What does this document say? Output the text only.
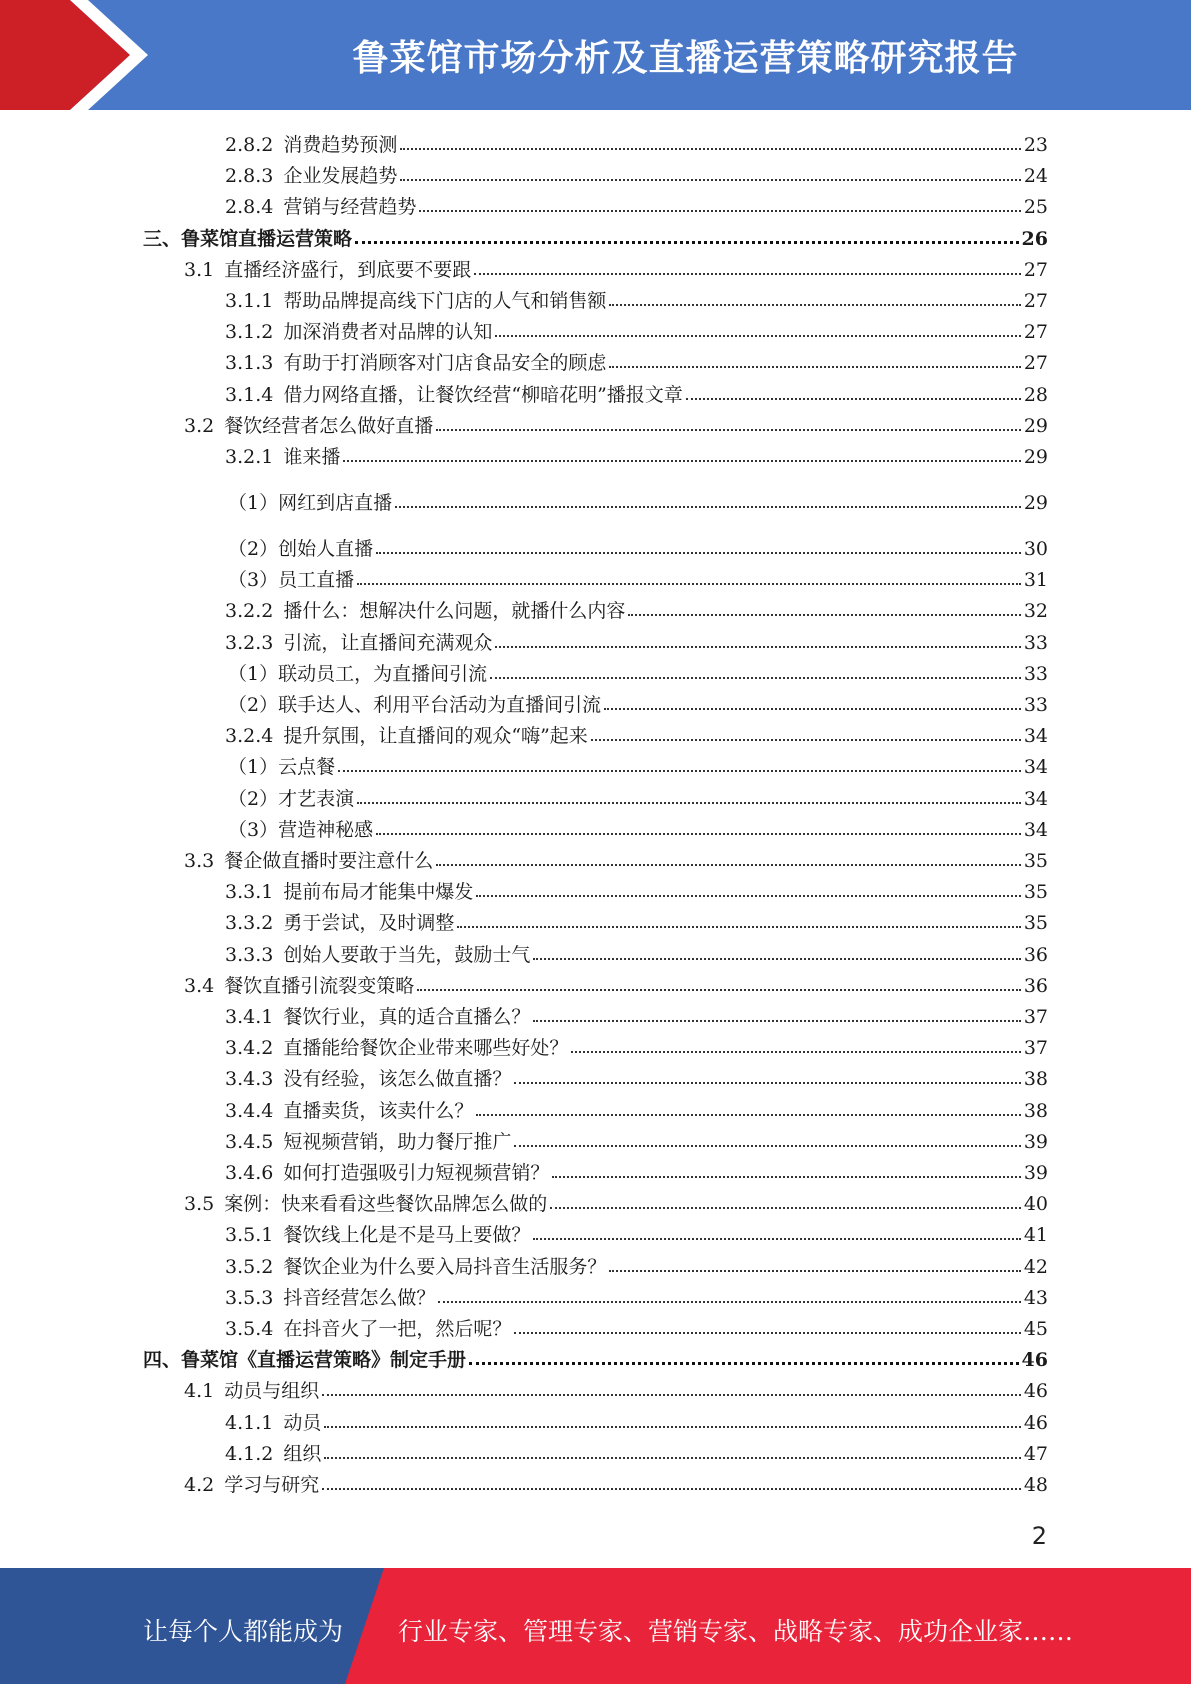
鲁菜馆市场分析及直播运营策略研究报告
2.8.2 消费趋势预测	23
2.8.3 企业发展趋势	24
2.8.4 营销与经营趋势	25
三、鲁菜馆直播运营策略	26
3.1 直播经济盛行，到底要不要跟	27
3.1.1 帮助品牌提高线下门店的人气和销售额	27
3.1.2 加深消费者对品牌的认知	27
3.1.3 有助于打消顾客对门店食品安全的顾虑	27
3.1.4 借力网络直播，让餐饮经营“柳暗花明”播报文章	28
3.2 餐饮经营者怎么做好直播	29
3.2.1 谁来播	29
（1）网红到店直播	29
（2）创始人直播	30
（3）员工直播	31
3.2.2 播什么：想解决什么问题，就播什么内容	32
3.2.3 引流，让直播间充满观众	33
（1）联动员工，为直播间引流	33
（2）联手达人、利用平台活动为直播间引流	33
3.2.4 提升氛围，让直播间的观众“嗨”起来	34
（1）云点餐	34
（2）才艺表演	34
（3）营造神秘感	34
3.3 餐企做直播时要注意什么	35
3.3.1 提前布局才能集中爆发	35
3.3.2 勇于尝试，及时调整	35
3.3.3 创始人要敢于当先，鼓励士气	36
3.4 餐饮直播引流裂变策略	36
3.4.1 餐饮行业，真的适合直播么？	37
3.4.2 直播能给餐饮企业带来哪些好处？	37
3.4.3 没有经验，该怎么做直播？	38
3.4.4 直播卖货，该卖什么？	38
3.4.5 短视频营销，助力餐厅推广	39
3.4.6 如何打造强吸引力短视频营销？	39
3.5 案例：快来看看这些餐饮品牌怎么做的	40
3.5.1 餐饮线上化是不是马上要做？	41
3.5.2 餐饮企业为什么要入局抖音生活服务？	42
3.5.3 抖音经营怎么做？	43
3.5.4 在抖音火了一把，然后呢？	45
四、鲁菜馆《直播运营策略》制定手册	46
4.1 动员与组织	46
4.1.1 动员	46
4.1.2 组织	47
4.2 学习与研究	48
2
让每个人都能成为 行业专家、管理专家、营销专家、战略专家、成功企业家……
